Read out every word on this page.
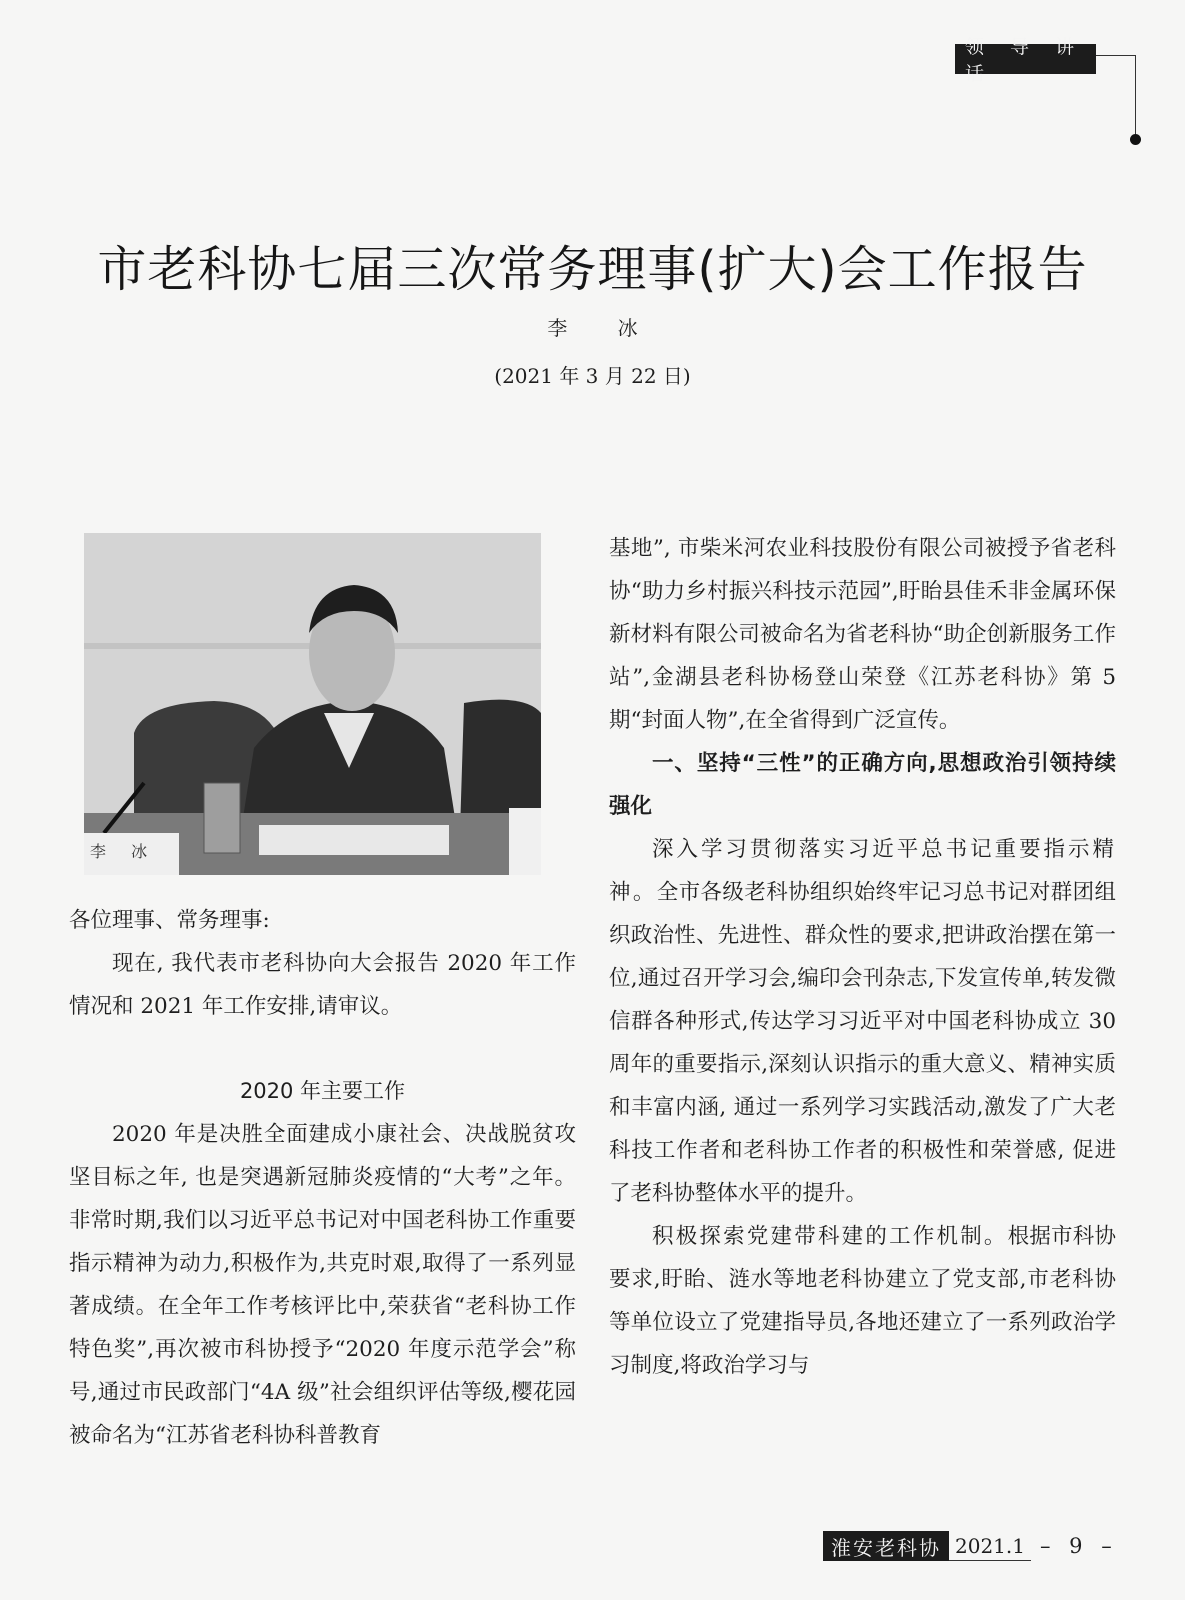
领 导 讲 话
市老科协七届三次常务理事(扩大)会工作报告
李 冰
(2021 年 3 月 22 日)
李 冰

各位理事、常务理事:

现在, 我代表市老科协向大会报告 2020 年工作情况和 2021 年工作安排,请审议。

2020 年主要工作

2020 年是决胜全面建成小康社会、决战脱贫攻坚目标之年, 也是突遇新冠肺炎疫情的“大考”之年。非常时期,我们以习近平总书记对中国老科协工作重要指示精神为动力,积极作为,共克时艰,取得了一系列显著成绩。在全年工作考核评比中,荣获省“老科协工作特色奖”,再次被市科协授予“2020 年度示范学会”称号,通过市民政部门“4A 级”社会组织评估等级,樱花园被命名为“江苏省老科协科普教育

基地”, 市柴米河农业科技股份有限公司被授予省老科协“助力乡村振兴科技示范园”,盱眙县佳禾非金属环保新材料有限公司被命名为省老科协“助企创新服务工作站”,金湖县老科协杨登山荣登《江苏老科协》第 5 期“封面人物”,在全省得到广泛宣传。

一、坚持“三性”的正确方向,思想政治引领持续强化

深入学习贯彻落实习近平总书记重要指示精神。全市各级老科协组织始终牢记习总书记对群团组织政治性、先进性、群众性的要求,把讲政治摆在第一位,通过召开学习会,编印会刊杂志,下发宣传单,转发微信群各种形式,传达学习习近平对中国老科协成立 30 周年的重要指示,深刻认识指示的重大意义、精神实质和丰富内涵, 通过一系列学习实践活动,激发了广大老科技工作者和老科协工作者的积极性和荣誉感, 促进了老科协整体水平的提升。

积极探索党建带科建的工作机制。根据市科协要求,盱眙、涟水等地老科协建立了党支部,市老科协等单位设立了党建指导员,各地还建立了一系列政治学习制度,将政治学习与

淮安老科协 2021.1 – 9 –
